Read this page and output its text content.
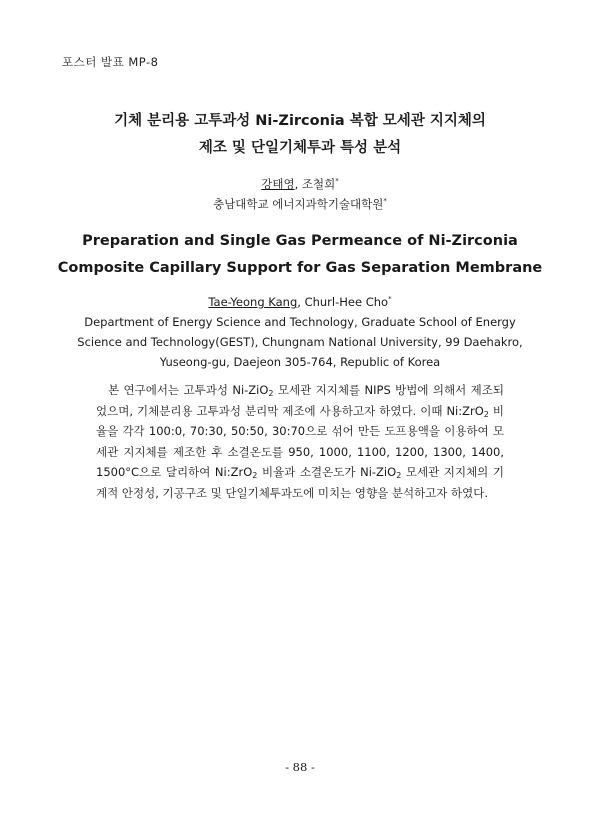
포스터 발표 MP-8
기체 분리용 고투과성 Ni-Zirconia 복합 모세관 지지체의
제조 및 단일기체투과 특성 분석
강태영, 조철희*
충남대학교 에너지과학기술대학원*
Preparation and Single Gas Permeance of Ni-Zirconia
Composite Capillary Support for Gas Separation Membrane
Tae-Yeong Kang, Churl-Hee Cho*
Department of Energy Science and Technology, Graduate School of Energy
Science and Technology(GEST), Chungnam National University, 99 Daehakro,
Yuseong-gu, Daejeon 305-764, Republic of Korea
본 연구에서는 고투과성 Ni-ZiO$_2$ 모세관 지지체를 NIPS 방법에 의해서 제조되었으며, 기체분리용 고투과성 분리막 제조에 사용하고자 하였다. 이때 Ni:ZrO$_2$ 비율을 각각 100:0, 70:30, 50:50, 30:70으로 섞어 만든 도프용액을 이용하여 모세관 지지체를 제조한 후 소결온도를 950, 1000, 1100, 1200, 1300, 1400, 1500°C으로 달리하여 Ni:ZrO$_2$ 비율과 소결온도가 Ni-ZiO$_2$ 모세관 지지체의 기계적 안정성, 기공구조 및 단일기체투과도에 미치는 영향을 분석하고자 하였다.
- 88 -
